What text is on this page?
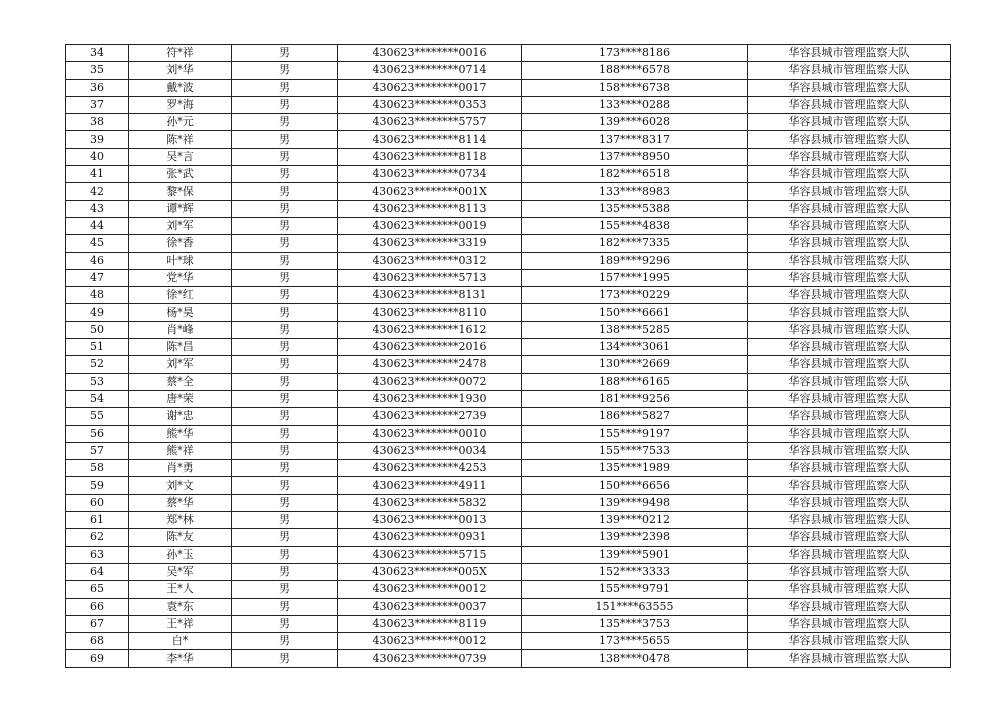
34	符*祥	男	430623********0016	173****8186	华容县城市管理监察大队
35	刘*华	男	430623********0714	188****6578	华容县城市管理监察大队
36	戴*波	男	430623********0017	158****6738	华容县城市管理监察大队
37	罗*海	男	430623********0353	133****0288	华容县城市管理监察大队
38	孙*元	男	430623********5757	139****6028	华容县城市管理监察大队
39	陈*祥	男	430623********8114	137****8317	华容县城市管理监察大队
40	吴*言	男	430623********8118	137****8950	华容县城市管理监察大队
41	张*武	男	430623********0734	182****6518	华容县城市管理监察大队
42	黎*保	男	430623********001X	133****8983	华容县城市管理监察大队
43	谭*辉	男	430623********8113	135****5388	华容县城市管理监察大队
44	刘*军	男	430623********0019	155****4838	华容县城市管理监察大队
45	徐*香	男	430623********3319	182****7335	华容县城市管理监察大队
46	叶*球	男	430623********0312	189****9296	华容县城市管理监察大队
47	党*华	男	430623********5713	157****1995	华容县城市管理监察大队
48	徐*红	男	430623********8131	173****0229	华容县城市管理监察大队
49	杨*昊	男	430623********8110	150****6661	华容县城市管理监察大队
50	肖*峰	男	430623********1612	138****5285	华容县城市管理监察大队
51	陈*昌	男	430623********2016	134****3061	华容县城市管理监察大队
52	刘*军	男	430623********2478	130****2669	华容县城市管理监察大队
53	蔡*全	男	430623********0072	188****6165	华容县城市管理监察大队
54	唐*荣	男	430623********1930	181****9256	华容县城市管理监察大队
55	谢*忠	男	430623********2739	186****5827	华容县城市管理监察大队
56	熊*华	男	430623********0010	155****9197	华容县城市管理监察大队
57	熊*祥	男	430623********0034	155****7533	华容县城市管理监察大队
58	肖*勇	男	430623********4253	135****1989	华容县城市管理监察大队
59	刘*文	男	430623********4911	150****6656	华容县城市管理监察大队
60	蔡*华	男	430623********5832	139****9498	华容县城市管理监察大队
61	郑*林	男	430623********0013	139****0212	华容县城市管理监察大队
62	陈*友	男	430623********0931	139****2398	华容县城市管理监察大队
63	孙*玉	男	430623********5715	139****5901	华容县城市管理监察大队
64	吴*军	男	430623********005X	152****3333	华容县城市管理监察大队
65	王*人	男	430623********0012	155****9791	华容县城市管理监察大队
66	袁*东	男	430623********0037	151****63555	华容县城市管理监察大队
67	王*祥	男	430623********8119	135****3753	华容县城市管理监察大队
68	白*	男	430623********0012	173****5655	华容县城市管理监察大队
69	李*华	男	430623********0739	138****0478	华容县城市管理监察大队
